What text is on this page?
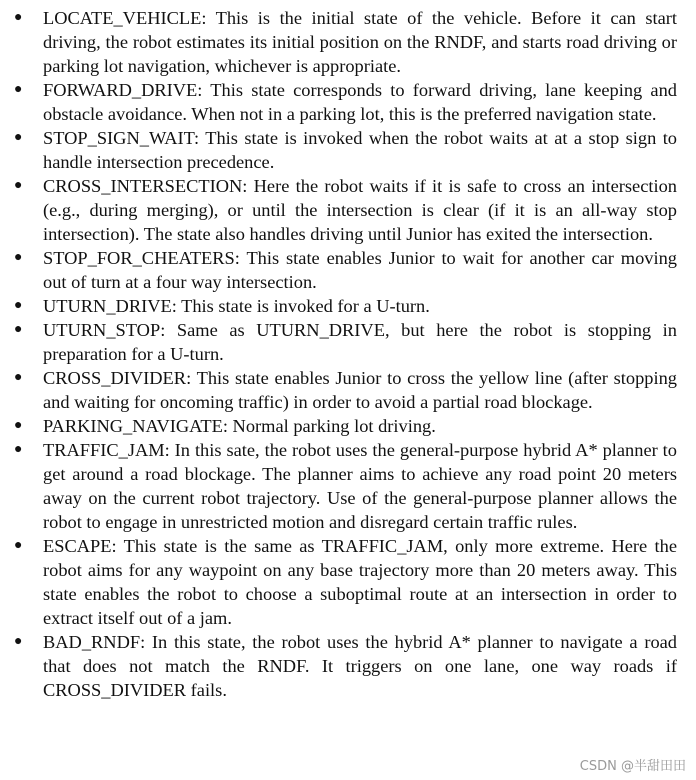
● LOCATE_VEHICLE: This is the initial state of the vehicle. Before it can start driving, the robot estimates its initial position on the RNDF, and starts road driving or parking lot navigation, whichever is appropriate.
● FORWARD_DRIVE: This state corresponds to forward driving, lane keeping and obstacle avoidance. When not in a parking lot, this is the preferred navigation state.
● STOP_SIGN_WAIT: This state is invoked when the robot waits at at a stop sign to handle intersection precedence.
● CROSS_INTERSECTION: Here the robot waits if it is safe to cross an intersection (e.g., during merging), or until the intersection is clear (if it is an all-way stop intersection). The state also handles driving until Junior has exited the intersection.
● STOP_FOR_CHEATERS: This state enables Junior to wait for another car moving out of turn at a four way intersection.
● UTURN_DRIVE: This state is invoked for a U-turn.
● UTURN_STOP: Same as UTURN_DRIVE, but here the robot is stopping in preparation for a U-turn.
● CROSS_DIVIDER: This state enables Junior to cross the yellow line (after stopping and waiting for oncoming traffic) in order to avoid a partial road blockage.
● PARKING_NAVIGATE: Normal parking lot driving.
● TRAFFIC_JAM: In this sate, the robot uses the general-purpose hybrid A* planner to get around a road blockage. The planner aims to achieve any road point 20 meters away on the current robot trajectory. Use of the general-purpose planner allows the robot to engage in unrestricted motion and disregard certain traffic rules.
● ESCAPE: This state is the same as TRAFFIC_JAM, only more extreme. Here the robot aims for any waypoint on any base trajectory more than 20 meters away. This state enables the robot to choose a suboptimal route at an intersection in order to extract itself out of a jam.
● BAD_RNDF: In this state, the robot uses the hybrid A* planner to navigate a road that does not match the RNDF. It triggers on one lane, one way roads if CROSS_DIVIDER fails.
CSDN @半甜田田
